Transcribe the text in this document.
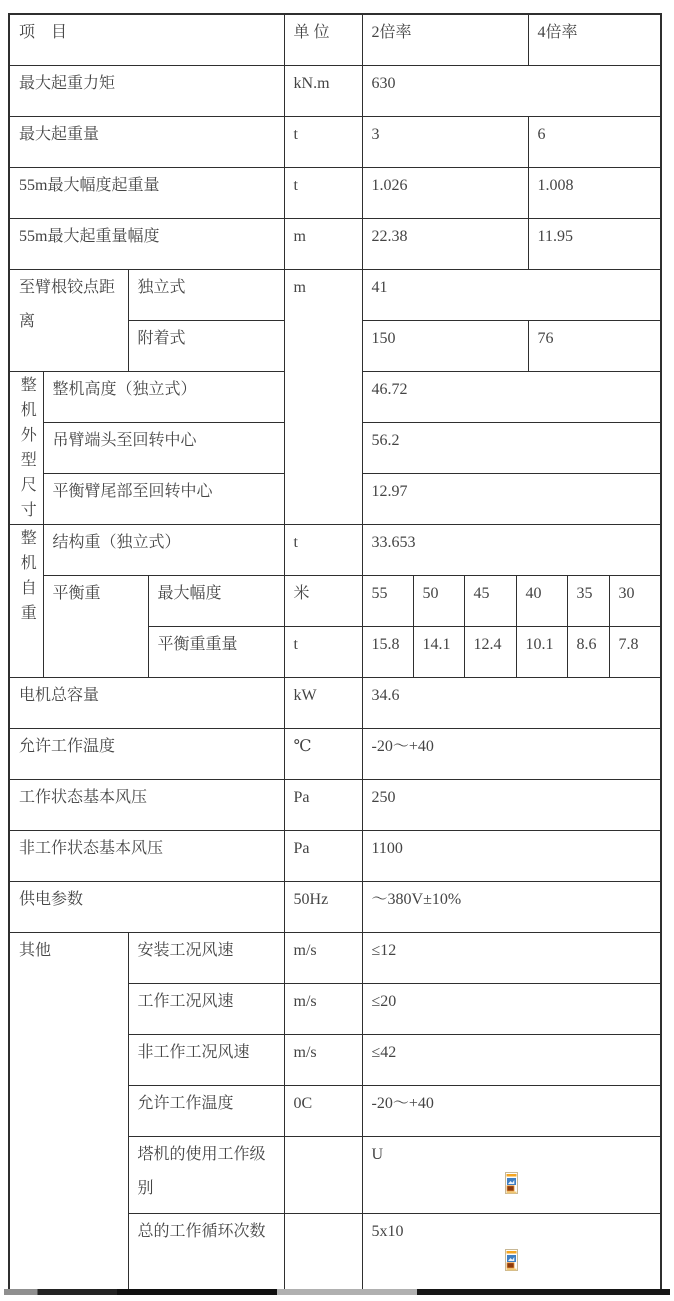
项　目				单 位	2倍率				4倍率		
最大起重力矩				kN.m	630						
最大起重量				t	3				6		
55m最大幅度起重量				t	1.026				1.008		
55m最大起重量幅度				m	22.38				11.95		
至臂根铰点距离		独立式		m	41						
		附着式			150				76		

整机外型尺寸	整机高度（独立式）				46.72						
	吊臂端头至回转中心				56.2						
	平衡臂尾部至回转中心				12.97						

整机自重	结构重（独立式）			t	33.653						
	平衡重		最大幅度	米	55	50	45	40		35	30
			平衡重重量	t	15.8	14.1	12.4	10.1		8.6	7.8
电机总容量				kW	34.6						
允许工作温度				℃	-20～+40						
工作状态基本风压				Pa	250						
非工作状态基本风压				Pa	1100						
供电参数				50Hz	～380V±10%						
其他		安装工况风速		m/s	≤12						
		工作工况风速		m/s	≤20						
		非工作工况风速		m/s	≤42						
		允许工作温度		0C	-20～+40						
		塔机的使用工作级别			U						

		总的工作循环次数			5x10						
